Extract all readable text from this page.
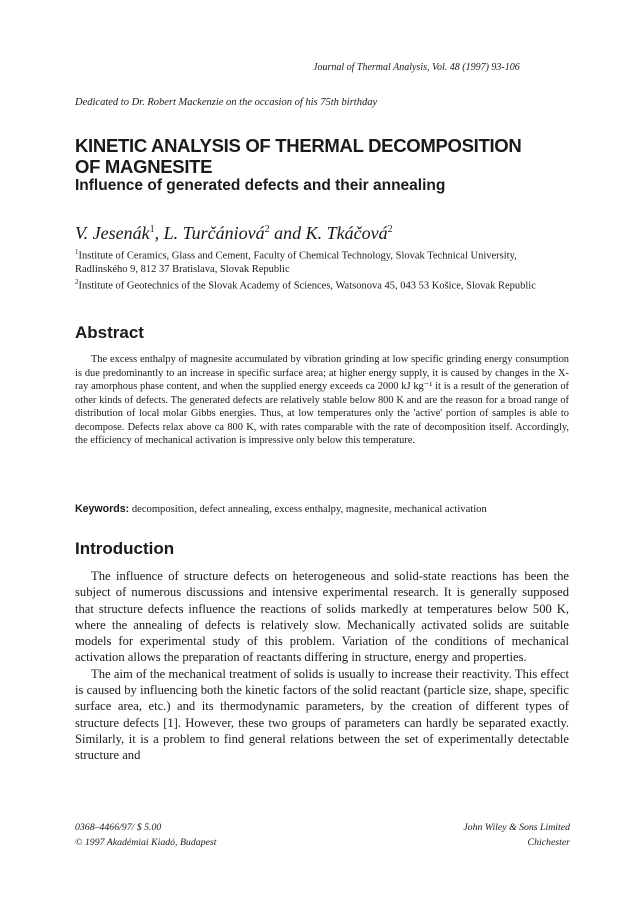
Journal of Thermal Analysis, Vol. 48 (1997) 93-106
Dedicated to Dr. Robert Mackenzie on the occasion of his 75th birthday
KINETIC ANALYSIS OF THERMAL DECOMPOSITION
OF MAGNESITE
Influence of generated defects and their annealing
V. Jesenák$^1$, L. Turčániová$^2$ and K. Tkáčová$^2$
$^1$Institute of Ceramics, Glass and Cement, Faculty of Chemical Technology, Slovak Technical University, Radlinského 9, 812 37 Bratislava, Slovak Republic
$^2$Institute of Geotechnics of the Slovak Academy of Sciences, Watsonova 45, 043 53 Košice, Slovak Republic
Abstract
The excess enthalpy of magnesite accumulated by vibration grinding at low specific grinding energy consumption is due predominantly to an increase in specific surface area; at higher energy supply, it is caused by changes in the X-ray amorphous phase content, and when the supplied energy exceeds ca 2000 kJ kg⁻¹ it is a result of the generation of other kinds of defects. The generated defects are relatively stable below 800 K and are the reason for a broad range of distribution of local molar Gibbs energies. Thus, at low temperatures only the 'active' portion of samples is able to decompose. Defects relax above ca 800 K, with rates comparable with the rate of decomposition itself. Accordingly, the efficiency of mechanical activation is impressive only below this temperature.
Keywords: decomposition, defect annealing, excess enthalpy, magnesite, mechanical activation
Introduction

The influence of structure defects on heterogeneous and solid-state reactions has been the subject of numerous discussions and intensive experimental research. It is generally supposed that structure defects influence the reactions of solids markedly at temperatures below 500 K, where the annealing of defects is relatively slow. Mechanically activated solids are suitable models for experimental study of this problem. Variation of the conditions of mechanical activation allows the preparation of reactants differing in structure, energy and properties.

The aim of the mechanical treatment of solids is usually to increase their reactivity. This effect is caused by influencing both the kinetic factors of the solid reactant (particle size, shape, specific surface area, etc.) and its thermodynamic parameters, by the creation of different types of structure defects [1]. However, these two groups of parameters can hardly be separated exactly. Similarly, it is a problem to find general relations between the set of experimentally detectable structure and

0368–4466/97/ $ 5.00
© 1997 Akadémiai Kiadó, Budapest
John Wiley & Sons Limited
Chichester
